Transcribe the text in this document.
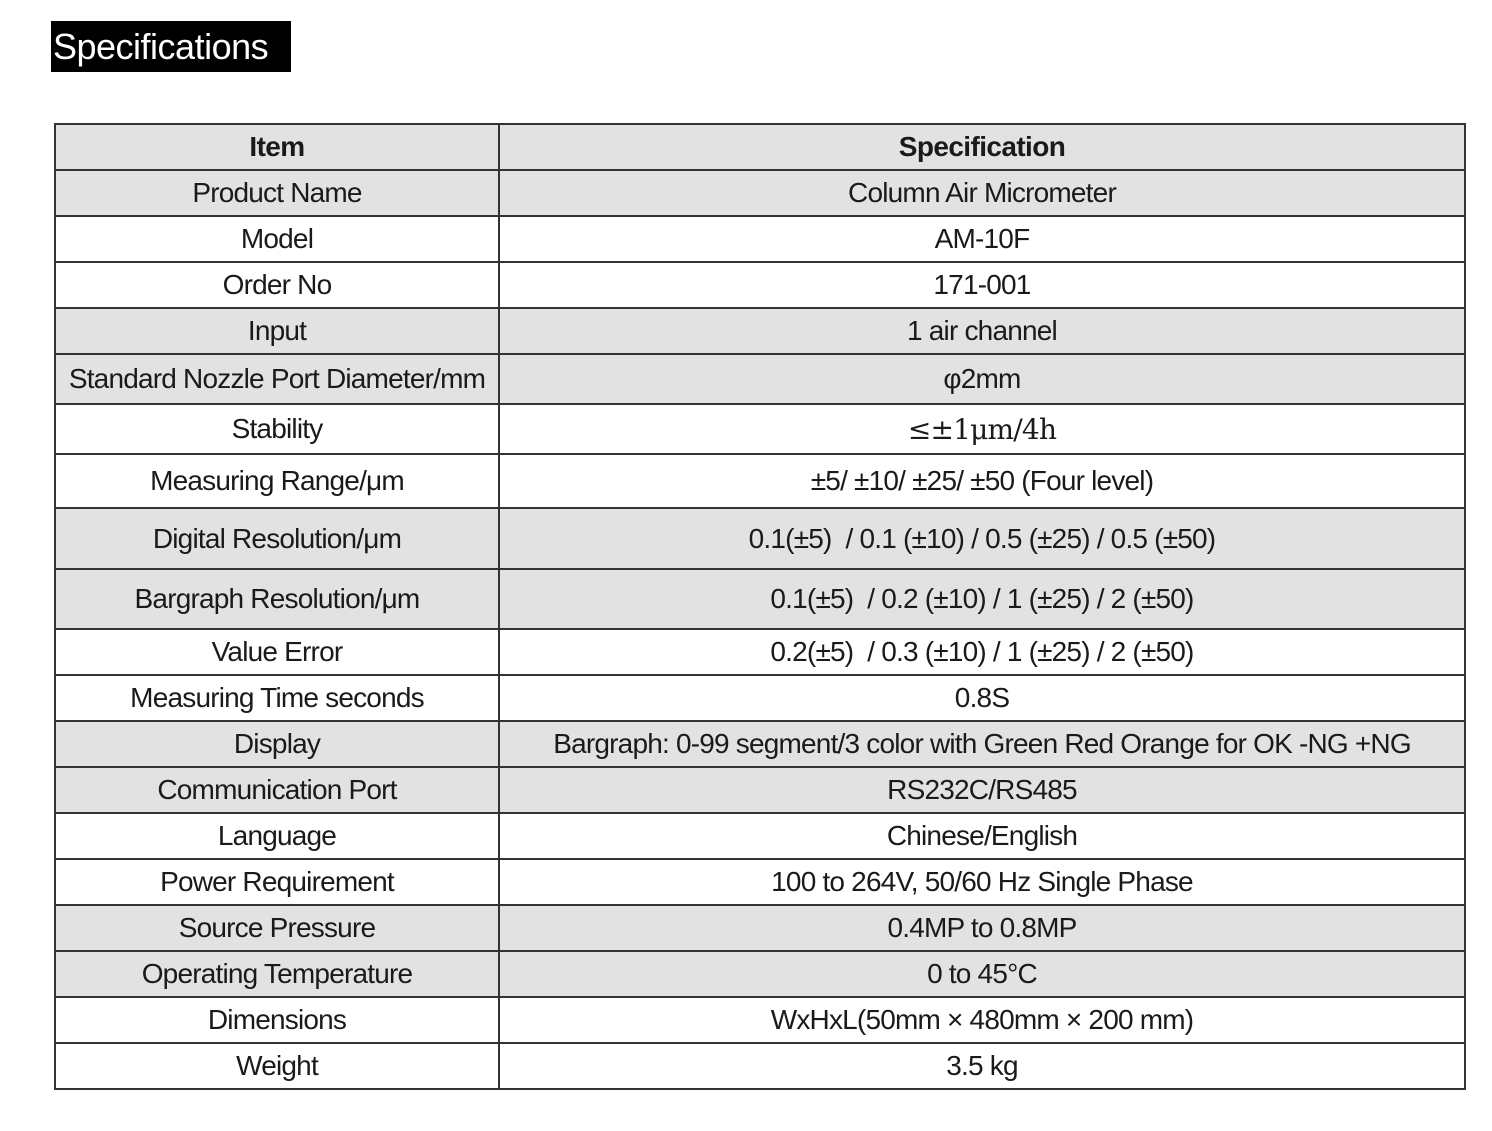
Specifications
Item	Specification
Product Name	Column Air Micrometer
Model	AM-10F
Order No	171-001
Input	1 air channel
Standard Nozzle Port Diameter/mm	φ2mm
Stability	≤±1μm/4h
Measuring Range/μm	±5/ ±10/ ±25/ ±50 (Four level)
Digital Resolution/μm	0.1(±5)  / 0.1 (±10) / 0.5 (±25) / 0.5 (±50)
Bargraph Resolution/μm	0.1(±5)  / 0.2 (±10) / 1 (±25) / 2 (±50)
Value Error	0.2(±5)  / 0.3 (±10) / 1 (±25) / 2 (±50)
Measuring Time seconds	0.8S
Display	Bargraph: 0-99 segment/3 color with Green Red Orange for OK -NG +NG
Communication Port	RS232C/RS485
Language	Chinese/English
Power Requirement	100 to 264V, 50/60 Hz Single Phase
Source Pressure	0.4MP to 0.8MP
Operating Temperature	0 to 45°C
Dimensions	WxHxL(50mm × 480mm × 200 mm)
Weight	3.5 kg
